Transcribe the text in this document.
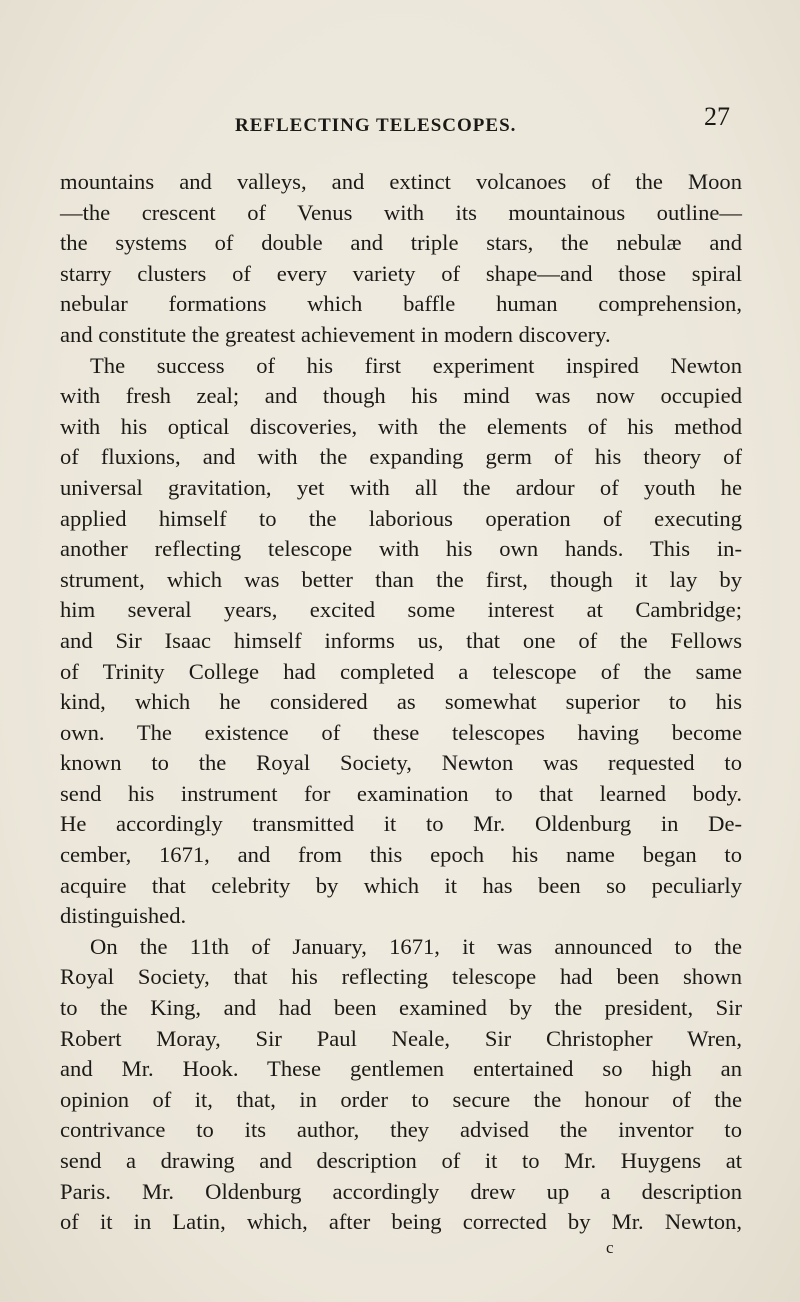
REFLECTING TELESCOPES.	27
mountains and valleys, and extinct volcanoes of the Moon
—the crescent of Venus with its mountainous outline—
the systems of double and triple stars, the nebulæ and
starry clusters of every variety of shape—and those spiral
nebular formations which baffle human comprehension,
and constitute the greatest achievement in modern discovery.
The success of his first experiment inspired Newton
with fresh zeal; and though his mind was now occupied
with his optical discoveries, with the elements of his method
of fluxions, and with the expanding germ of his theory of
universal gravitation, yet with all the ardour of youth he
applied himself to the laborious operation of executing
another reflecting telescope with his own hands. This in-
strument, which was better than the first, though it lay by
him several years, excited some interest at Cambridge;
and Sir Isaac himself informs us, that one of the Fellows
of Trinity College had completed a telescope of the same
kind, which he considered as somewhat superior to his
own. The existence of these telescopes having become
known to the Royal Society, Newton was requested to
send his instrument for examination to that learned body.
He accordingly transmitted it to Mr. Oldenburg in De-
cember, 1671, and from this epoch his name began to
acquire that celebrity by which it has been so peculiarly
distinguished.
On the 11th of January, 1671, it was announced to the
Royal Society, that his reflecting telescope had been shown
to the King, and had been examined by the president, Sir
Robert Moray, Sir Paul Neale, Sir Christopher Wren,
and Mr. Hook. These gentlemen entertained so high an
opinion of it, that, in order to secure the honour of the
contrivance to its author, they advised the inventor to
send a drawing and description of it to Mr. Huygens at
Paris. Mr. Oldenburg accordingly drew up a description
of it in Latin, which, after being corrected by Mr. Newton,
c
